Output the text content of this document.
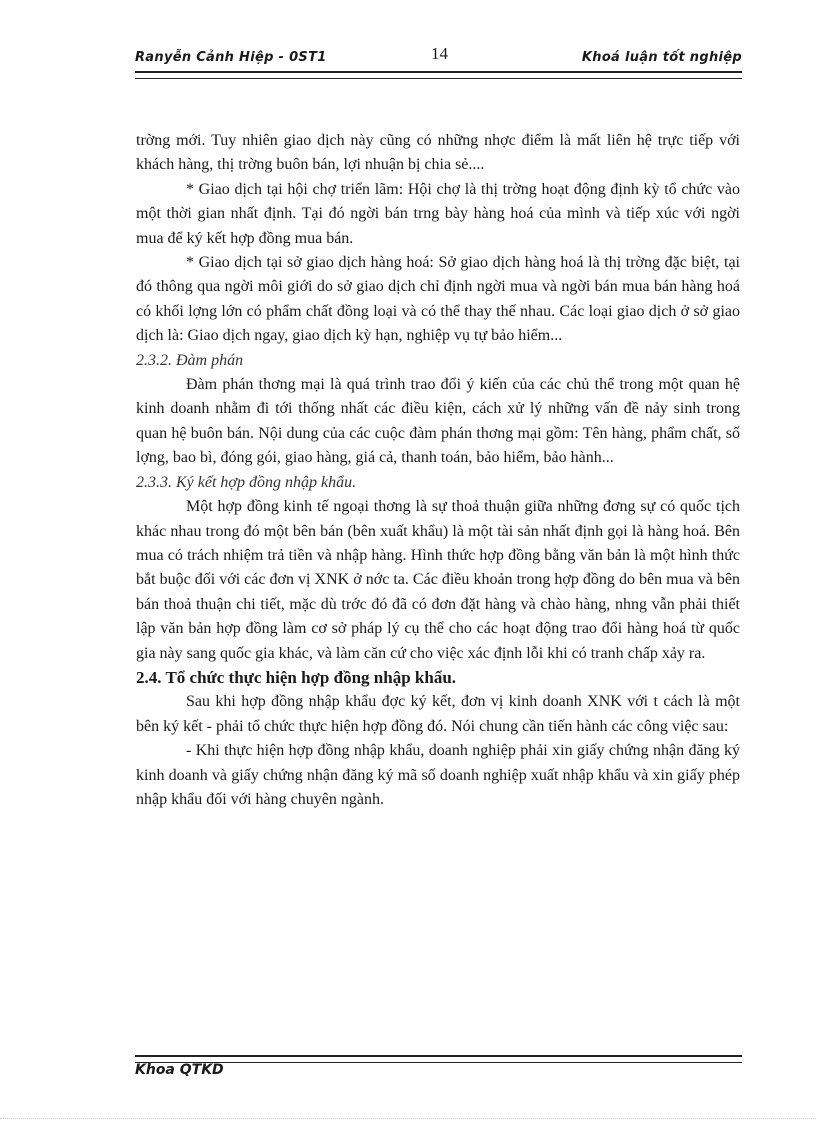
Ranyễn Cảnh Hiệp - 0ST1	14	Khoá luận tốt nghiệp

trờng mới. Tuy nhiên giao dịch này cũng có những nhợc điểm là mất liên hệ trực tiếp với khách hàng, thị trờng buôn bán, lợi nhuận bị chia sẻ....

* Giao dịch tại hội chợ triển lãm: Hội chợ là thị trờng hoạt động định kỳ tổ chức vào một thời gian nhất định. Tại đó ngời bán trng bày hàng hoá của mình và tiếp xúc với ngời mua để ký kết hợp đồng mua bán.

* Giao dịch tại sở giao dịch hàng hoá: Sở giao dịch hàng hoá là thị trờng đặc biệt, tại đó thông qua ngời môi giới do sở giao dịch chỉ định ngời mua và ngời bán mua bán hàng hoá có khối lợng lớn có phẩm chất đồng loại và có thể thay thế nhau. Các loại giao dịch ở sở giao dịch là: Giao dịch ngay, giao dịch kỳ hạn, nghiệp vụ tự bảo hiểm...

2.3.2. Đàm phán

Đàm phán thơng mại là quá trình trao đổi ý kiến của các chủ thể trong một quan hệ kinh doanh nhằm đi tới thống nhất các điều kiện, cách xử lý những vấn đề nảy sinh trong quan hệ buôn bán. Nội dung của các cuộc đàm phán thơng mại gồm: Tên hàng, phẩm chất, số lợng, bao bì, đóng gói, giao hàng, giá cả, thanh toán, bảo hiểm, bảo hành...

2.3.3. Ký kết hợp đồng nhập khẩu.

Một hợp đồng kinh tế ngoại thơng là sự thoả thuận giữa những đơng sự có quốc tịch khác nhau trong đó một bên bán (bên xuất khẩu) là một tài sản nhất định gọi là hàng hoá. Bên mua có trách nhiệm trả tiền và nhập hàng. Hình thức hợp đồng bằng văn bản là một hình thức bắt buộc đối với các đơn vị XNK ở nớc ta. Các điều khoản trong hợp đồng do bên mua và bên bán thoả thuận chi tiết, mặc dù trớc đó đã có đơn đặt hàng và chào hàng, nhng vẫn phải thiết lập văn bản hợp đồng làm cơ sở pháp lý cụ thể cho các hoạt động trao đổi hàng hoá từ quốc gia này sang quốc gia khác, và làm căn cứ cho việc xác định lỗi khi có tranh chấp xảy ra.

2.4. Tổ chức thực hiện hợp đồng nhập khẩu.

Sau khi hợp đồng nhập khẩu đợc ký kết, đơn vị kinh doanh XNK với t cách là một bên ký kết - phải tổ chức thực hiện hợp đồng đó. Nói chung cần tiến hành các công việc sau:

- Khi thực hiện hợp đồng nhập khẩu, doanh nghiệp phải xin giấy chứng nhận đăng ký kinh doanh và giấy chứng nhận đăng ký mã số doanh nghiệp xuất nhập khẩu và xin giấy phép nhập khẩu đối với hàng chuyên ngành.

Khoa QTKD
